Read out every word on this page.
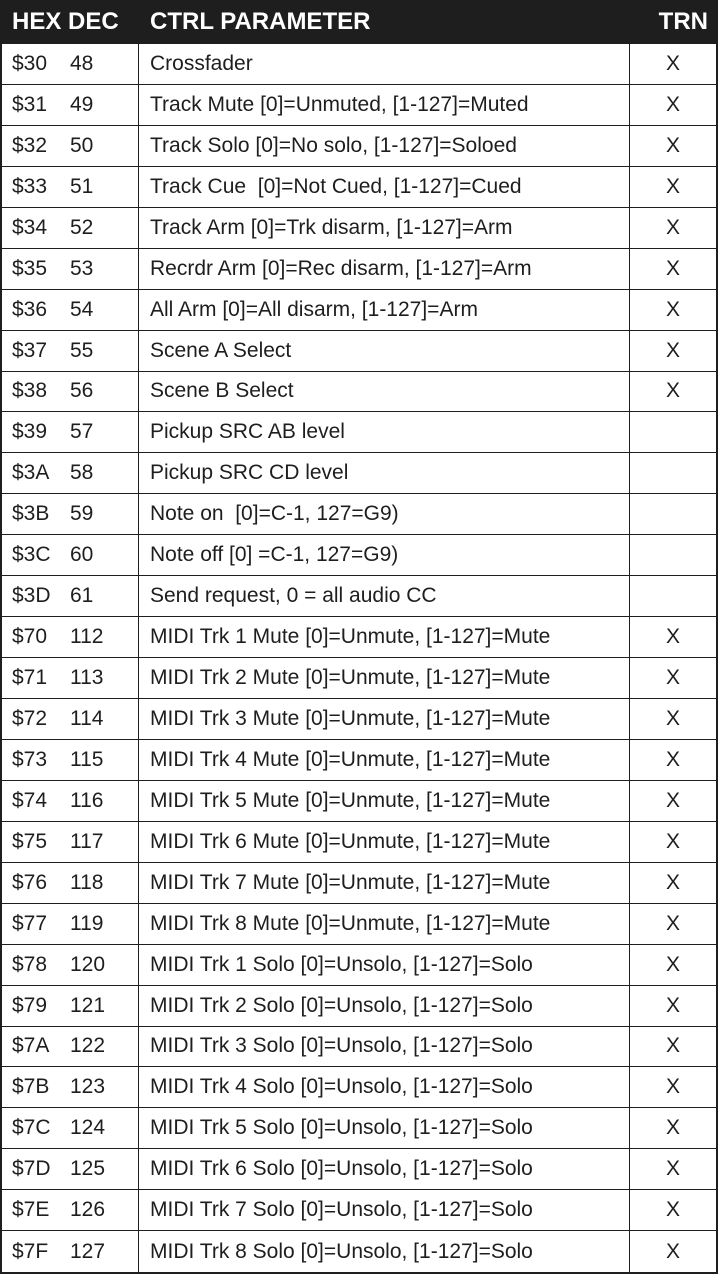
HEX DEC	CTRL PARAMETER	TRN
$30	48	Crossfader	X
$31	49	Track Mute [0]=Unmuted, [1-127]=Muted	X
$32	50	Track Solo [0]=No solo, [1-127]=Soloed	X
$33	51	Track Cue  [0]=Not Cued, [1-127]=Cued	X
$34	52	Track Arm [0]=Trk disarm, [1-127]=Arm	X
$35	53	Recrdr Arm [0]=Rec disarm, [1-127]=Arm	X
$36	54	All Arm [0]=All disarm, [1-127]=Arm	X
$37	55	Scene A Select	X
$38	56	Scene B Select	X
$39	57	Pickup SRC AB level
$3A 58	Pickup SRC CD level
$3B 59	Note on  [0]=C-1, 127=G9)
$3C 60	Note off [0] =C-1, 127=G9)
$3D 61	Send request, 0 = all audio CC
$70	112	MIDI Trk 1 Mute [0]=Unmute, [1-127]=Mute	X
$71	113	MIDI Trk 2 Mute [0]=Unmute, [1-127]=Mute	X
$72	114	MIDI Trk 3 Mute [0]=Unmute, [1-127]=Mute	X
$73	115	MIDI Trk 4 Mute [0]=Unmute, [1-127]=Mute	X
$74	116	MIDI Trk 5 Mute [0]=Unmute, [1-127]=Mute	X
$75	117	MIDI Trk 6 Mute [0]=Unmute, [1-127]=Mute	X
$76	118	MIDI Trk 7 Mute [0]=Unmute, [1-127]=Mute	X
$77	119	MIDI Trk 8 Mute [0]=Unmute, [1-127]=Mute	X
$78	120	MIDI Trk 1 Solo [0]=Unsolo, [1-127]=Solo	X
$79	121	MIDI Trk 2 Solo [0]=Unsolo, [1-127]=Solo	X
$7A 122	MIDI Trk 3 Solo [0]=Unsolo, [1-127]=Solo	X
$7B 123	MIDI Trk 4 Solo [0]=Unsolo, [1-127]=Solo	X
$7C 124	MIDI Trk 5 Solo [0]=Unsolo, [1-127]=Solo	X
$7D 125	MIDI Trk 6 Solo [0]=Unsolo, [1-127]=Solo	X
$7E 126	MIDI Trk 7 Solo [0]=Unsolo, [1-127]=Solo	X
$7F	127	MIDI Trk 8 Solo [0]=Unsolo, [1-127]=Solo	X
